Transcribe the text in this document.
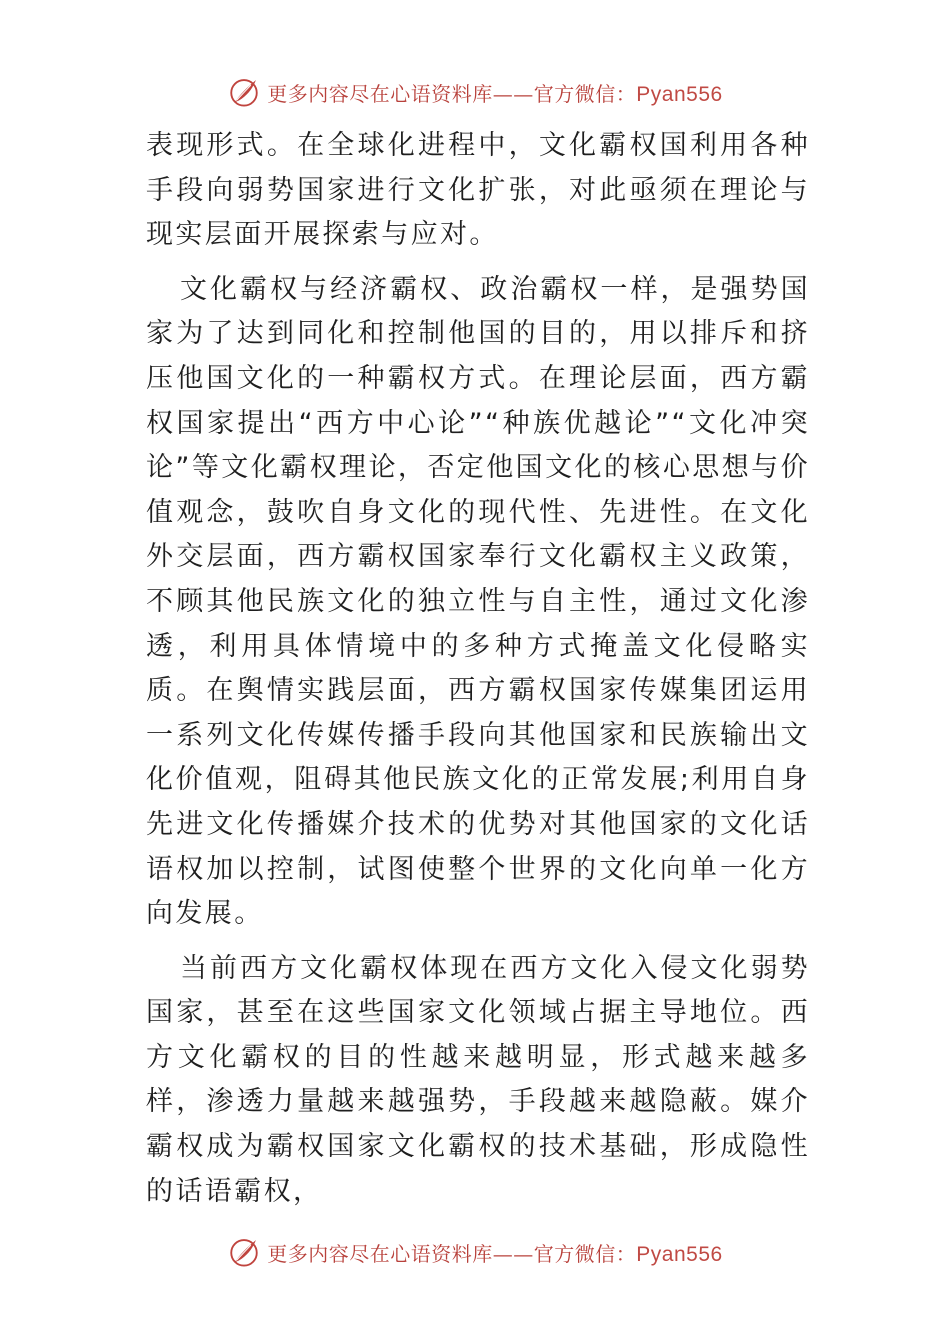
更多内容尽在心语资料库——官方微信：Pyan556

表现形式。在全球化进程中，文化霸权国利用各种手段向弱势国家进行文化扩张，对此亟须在理论与现实层面开展探索与应对。

文化霸权与经济霸权、政治霸权一样，是强势国家为了达到同化和控制他国的目的，用以排斥和挤压他国文化的一种霸权方式。在理论层面，西方霸权国家提出“西方中心论”“种族优越论”“文化冲突论”等文化霸权理论，否定他国文化的核心思想与价值观念，鼓吹自身文化的现代性、先进性。在文化外交层面，西方霸权国家奉行文化霸权主义政策，不顾其他民族文化的独立性与自主性，通过文化渗透，利用具体情境中的多种方式掩盖文化侵略实质。在舆情实践层面，西方霸权国家传媒集团运用一系列文化传媒传播手段向其他国家和民族输出文化价值观，阻碍其他民族文化的正常发展;利用自身先进文化传播媒介技术的优势对其他国家的文化话语权加以控制，试图使整个世界的文化向单一化方向发展。

当前西方文化霸权体现在西方文化入侵文化弱势国家，甚至在这些国家文化领域占据主导地位。西方文化霸权的目的性越来越明显，形式越来越多样，渗透力量越来越强势，手段越来越隐蔽。媒介霸权成为霸权国家文化霸权的技术基础，形成隐性的话语霸权，

更多内容尽在心语资料库——官方微信：Pyan556
